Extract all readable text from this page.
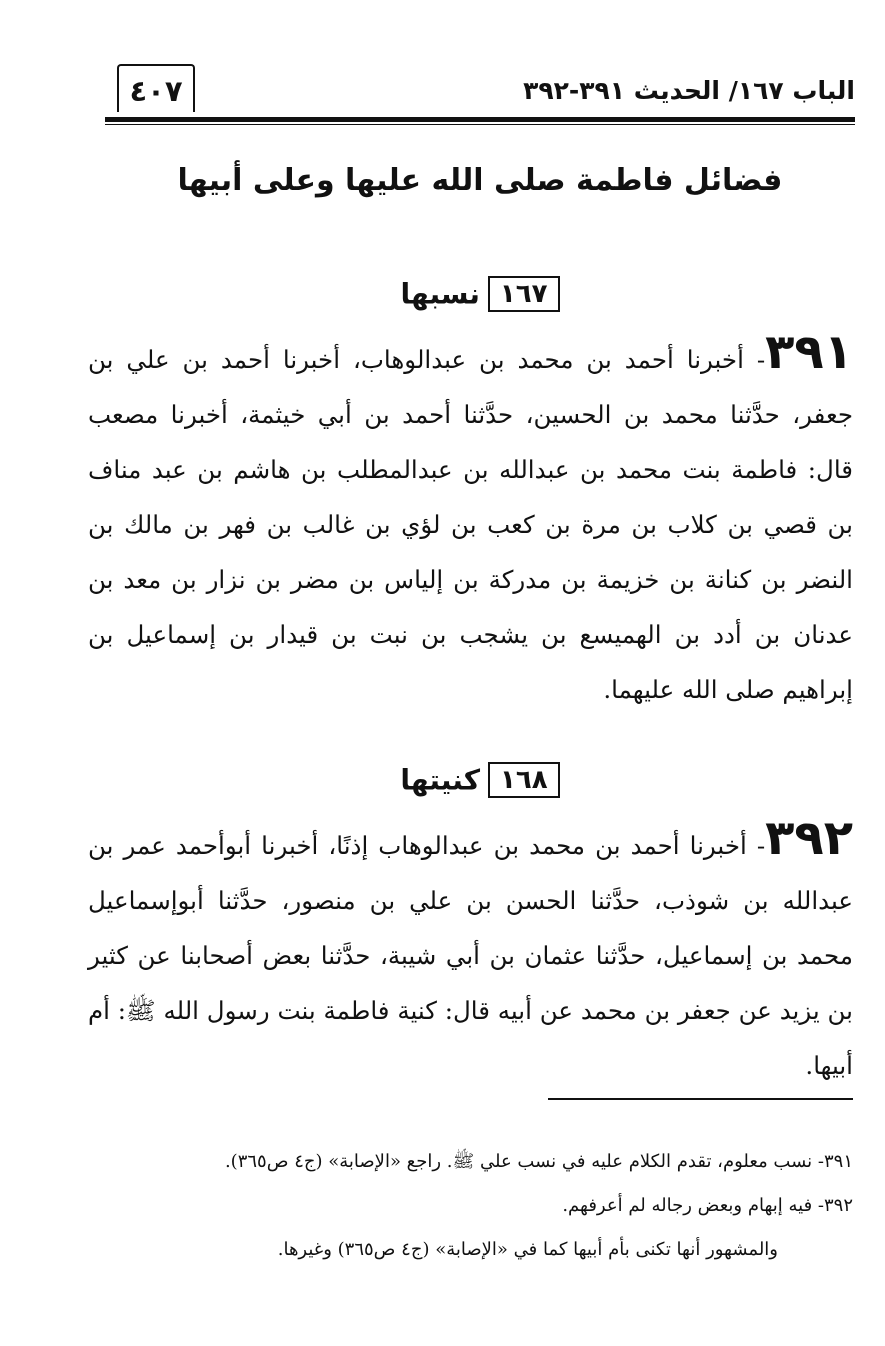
الباب ١٦٧/ الحديث ٣٩١-٣٩٢
٤٠٧
فضائل فاطمة صلى الله عليها وعلى أبيها
١٦٧نسبها
٣٩١- أخبرنا أحمد بن محمد بن عبدالوهاب، أخبرنا أحمد بن علي بن جعفر، حدَّثنا محمد بن الحسين، حدَّثنا أحمد بن أبي خيثمة، أخبرنا مصعب قال: فاطمة بنت محمد بن عبدالله بن عبدالمطلب بن هاشم بن عبد مناف بن قصي بن كلاب بن مرة بن كعب بن لؤي بن غالب بن فهر بن مالك بن النضر بن كنانة بن خزيمة بن مدركة بن إلياس بن مضر بن نزار بن معد بن عدنان بن أدد بن الهميسع بن يشجب بن نبت بن قيدار بن إسماعيل بن إبراهيم صلى الله عليهما.
١٦٨كنيتها
٣٩٢- أخبرنا أحمد بن محمد بن عبدالوهاب إذنًا، أخبرنا أبوأحمد عمر بن عبدالله بن شوذب، حدَّثنا الحسن بن علي بن منصور، حدَّثنا أبوإسماعيل محمد بن إسماعيل، حدَّثنا عثمان بن أبي شيبة، حدَّثنا بعض أصحابنا عن كثير بن يزيد عن جعفر بن محمد عن أبيه قال: كنية فاطمة بنت رسول الله ﷺ: أم أبيها.
٣٩١- نسب معلوم، تقدم الكلام عليه في نسب علي ﷺ. راجع «الإصابة» (ج٤ ص٣٦٥).
٣٩٢- فيه إبهام وبعض رجاله لم أعرفهم.
والمشهور أنها تكنى بأم أبيها كما في «الإصابة» (ج٤ ص٣٦٥) وغيرها.
